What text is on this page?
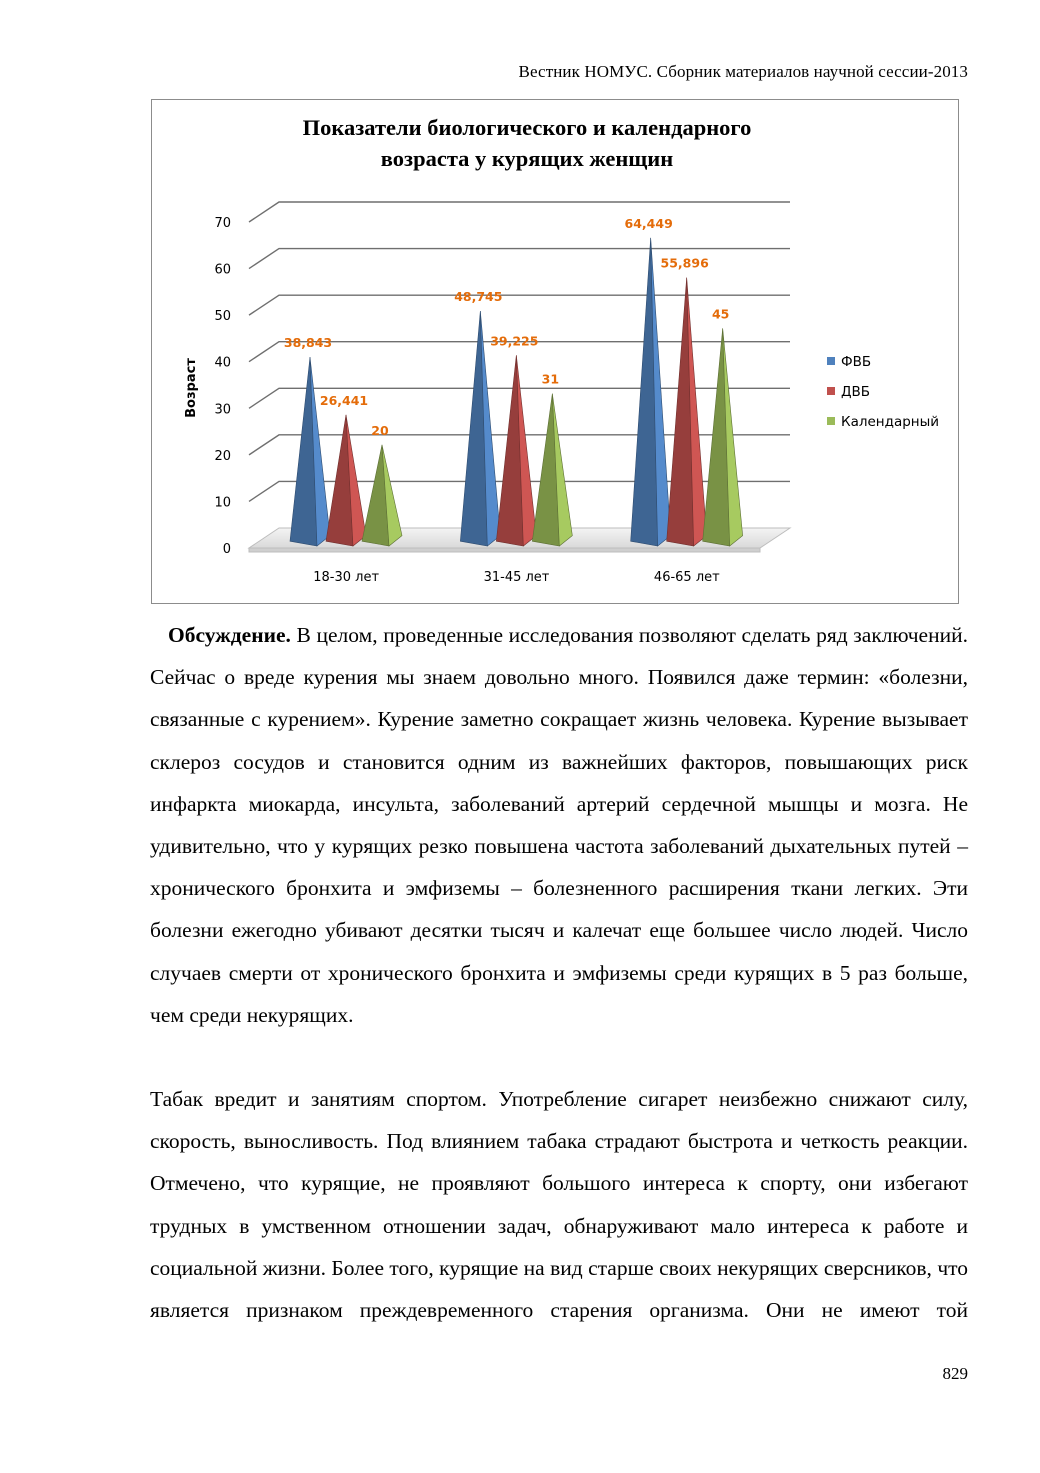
Вестник НОМУС. Сборник материалов научной сессии-2013
Показатели биологического и календарного
возраста у курящих женщин
0
10
20
30
40
50
60
70
38,843
26,441
20
48,745
39,225
31
64,449
55,896
45
18-30 лет	31-45 лет	46-65 лет
Возраст	ФВБ
ДВБ
Календарный

Обсуждение. В целом, проведенные исследования позволяют сделать ряд заключений. Сейчас о вреде курения мы знаем довольно много. Появился даже термин: «болезни, связанные с курением». Курение заметно сокращает жизнь человека. Курение вызывает склероз сосудов и становится одним из важнейших факторов, повышающих риск инфаркта миокарда, инсульта, заболеваний артерий сердечной мышцы и мозга. Не удивительно, что у курящих резко повышена частота заболеваний дыхательных путей – хронического бронхита и эмфиземы – болезненного расширения ткани легких. Эти болезни ежегодно убивают десятки тысяч и калечат еще большее число людей. Число случаев смерти от хронического бронхита и эмфиземы среди курящих в 5 раз больше, чем среди некурящих.

Табак вредит и занятиям спортом. Употребление сигарет неизбежно снижают силу, скорость, выносливость. Под влиянием табака страдают быстрота и четкость реакции. Отмечено, что курящие, не проявляют большого интереса к спорту, они избегают трудных в умственном отношении задач, обнаруживают мало интереса к работе и социальной жизни. Более того, курящие на вид старше своих некурящих сверсников, что является признаком преждевременного старения организма. Они не имеют той

829
